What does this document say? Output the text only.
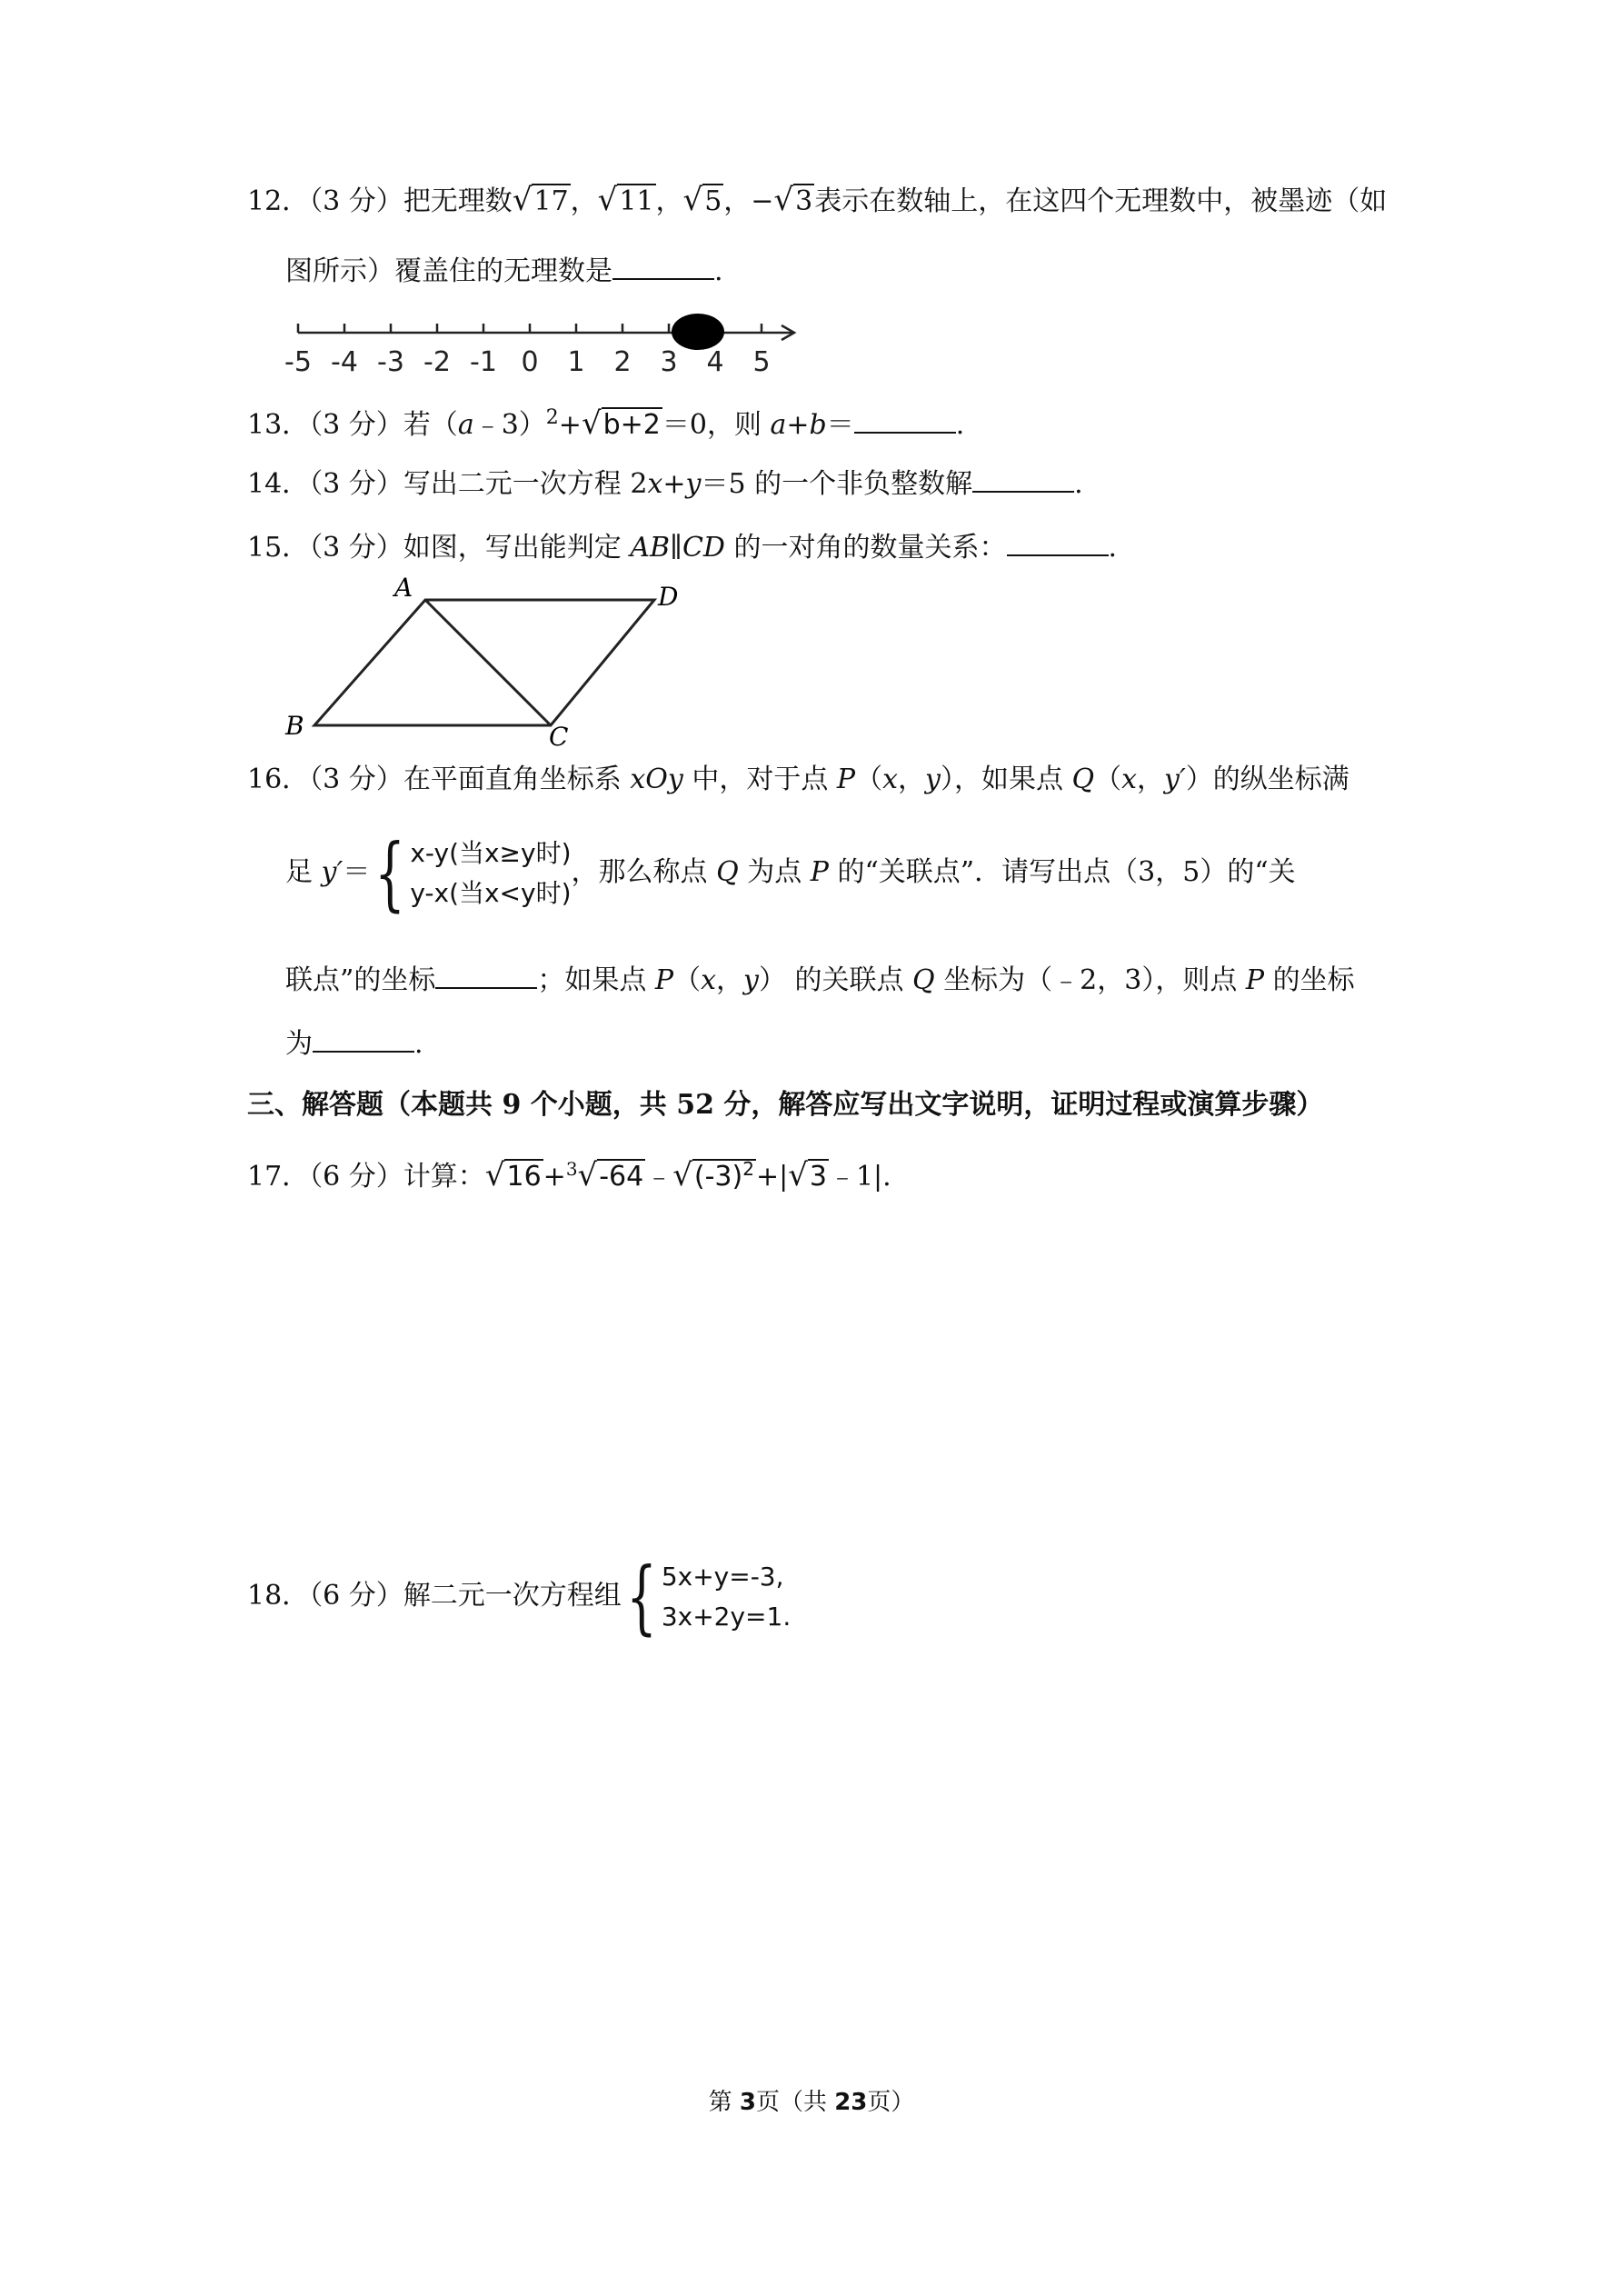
12．（3 分）把无理数√17，√11，√5，−√3表示在数轴上，在这四个无理数中，被墨迹（如
图所示）覆盖住的无理数是	.
-5 -4 -3 -2 -1 0 1 2 3 4 5
13．（3 分）若（a﹣3）$^2$+√b+2＝0，则 a+b＝	.
14．（3 分）写出二元一次方程 2x+y＝5 的一个非负整数解	.
15．（3 分）如图，写出能判定 AB∥CD 的一对角的数量关系：	.
A	D
B	C
16．（3 分）在平面直角坐标系 xOy 中，对于点 P（x，y），如果点 Q（x，y′）的纵坐标满
足 y′＝ { x-y(当x≥y时)
y-x(当x<y时)
，那么称点 Q 为点 P 的“关联点”．请写出点（3，5）的“关
联点”的坐标	；如果点 P（x，y） 的关联点 Q 坐标为（﹣2，3），则点 P 的坐标
为	.
三、解答题（本题共 9 个小题，共 52 分，解答应写出文字说明，证明过程或演算步骤）
17．（6 分）计算：$√16+^3√-64﹣√(-3)^2+|√3﹣1|$.
18．（6 分）解二元一次方程组 { 5x+y=-3,
3x+2y=1.
第 3页（共 23页）
